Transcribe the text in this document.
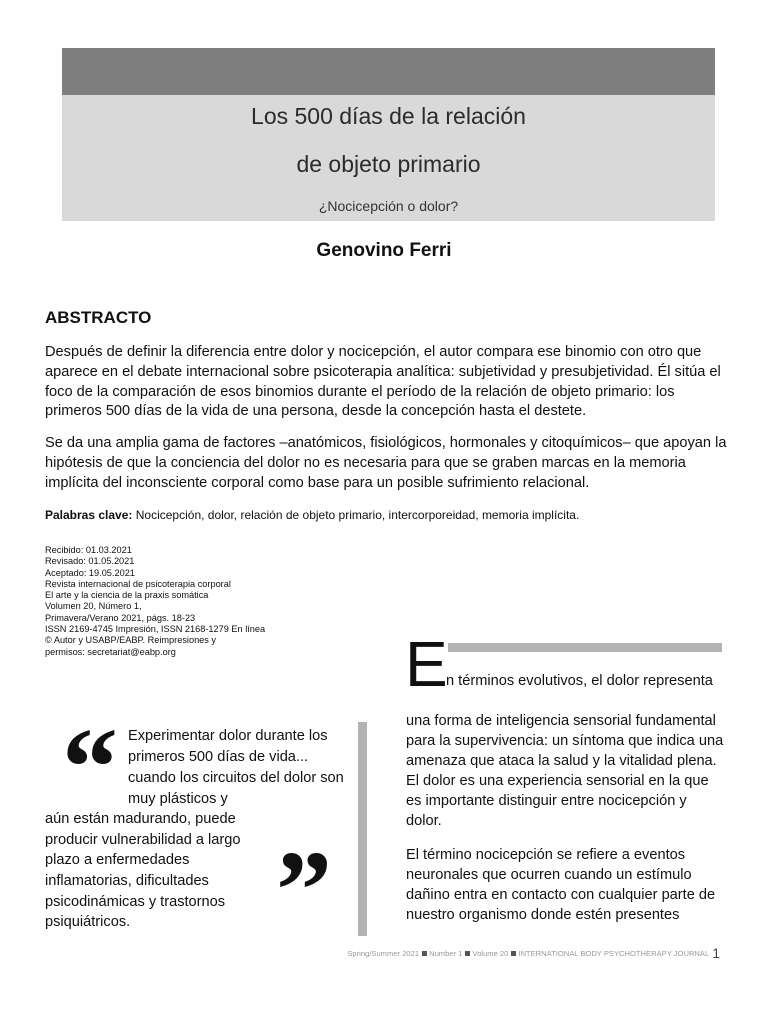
Los 500 días de la relación
de objeto primario
¿Nocicepción o dolor?
Genovino Ferri
ABSTRACTO
Después de definir la diferencia entre dolor y nocicepción, el autor compara ese binomio con otro que aparece en el debate internacional sobre psicoterapia analítica: subjetividad y presubjetividad. Él sitúa el foco de la comparación de esos binomios durante el período de la relación de objeto primario: los primeros 500 días de la vida de una persona, desde la concepción hasta el destete.
Se da una amplia gama de factores –anatómicos, fisiológicos, hormonales y citoquímicos– que apoyan la hipótesis de que la conciencia del dolor no es necesaria para que se graben marcas en la memoria implícita del inconsciente corporal como base para un posible sufrimiento relacional.
Palabras clave: Nocicepción, dolor, relación de objeto primario, intercorporeidad, memoria implícita.
Recibido: 01.03.2021
Revisado: 01.05.2021
Aceptado: 19.05.2021
Revista internacional de psicoterapia corporal
El arte y la ciencia de la praxis somática
Volumen 20, Número 1,
Primavera/Verano 2021, págs. 18-23
ISSN 2169-4745 Impresión, ISSN 2168-1279 En línea
© Autor y USABP/EABP. Reimpresiones y
permisos: secretariat@eabp.org
“ Experimentar dolor durante los
primeros 500 días de vida...
cuando los circuitos del dolor son
muy plásticos y
aún están madurando, puede
producir vulnerabilidad a largo
plazo a enfermedades
inflamatorias, dificultades
psicodinámicas y trastornos
psiquiátricos. ”
E
n términos evolutivos, el dolor representa
una forma de inteligencia sensorial fundamental para la supervivencia: un síntoma que indica una amenaza que ataca la salud y la vitalidad plena. El dolor es una experiencia sensorial en la que es importante distinguir entre nocicepción y dolor.
El término nocicepción se refiere a eventos neuronales que ocurren cuando un estímulo dañino entra en contacto con cualquier parte de nuestro organismo donde estén presentes
Spring/Summer 2021 Number 1 Volume 20 INTERNATIONAL BODY PSYCHOTHERAPY JOURNAL 1
